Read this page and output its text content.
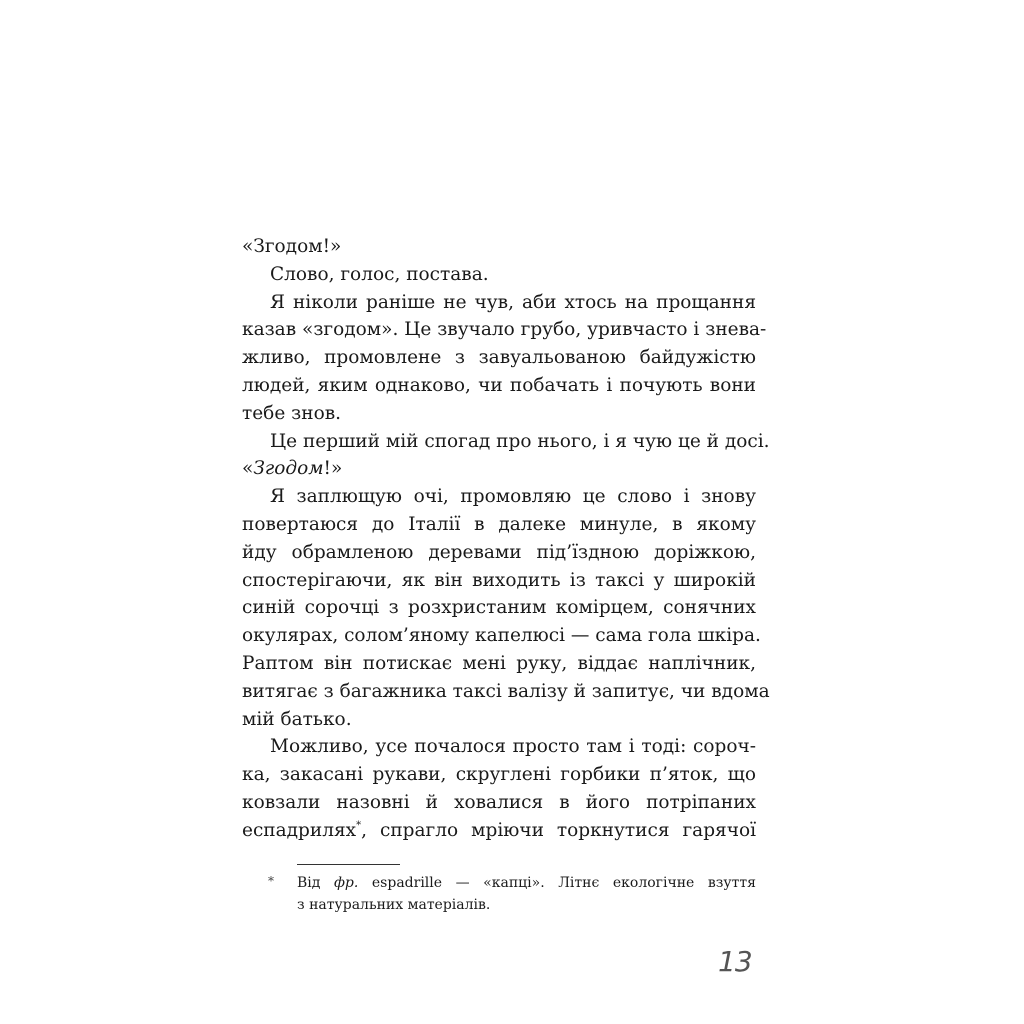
«Згодом!»
Слово, голос, постава.
Я ніколи раніше не чув, аби хтось на прощання
казав «згодом». Це звучало грубо, уривчасто і знева-
жливо, промовлене з завуальованою байдужістю
людей, яким однаково, чи побачать і почують вони
тебе знов.
Це перший мій спогад про нього, і я чую це й досі.
«Згодом!»
Я заплющую очі, промовляю це слово і знову
повертаюся до Італії в далеке минуле, в якому
йду обрамленою деревами під’їздною доріжкою,
спостерігаючи, як він виходить із таксі у широкій
синій сорочці з розхристаним комірцем, сонячних
окулярах, солом’яному капелюсі — сама гола шкіра.
Раптом він потискає мені руку, віддає наплічник,
витягає з багажника таксі валізу й запитує, чи вдома
мій батько.
Можливо, усе почалося просто там і тоді: сороч-
ка, закасані рукави, скруглені горбики п’яток, що
ковзали назовні й ховалися в його потріпаних
еспадрилях*, спрагло мріючи торкнутися гарячої
* Від фр. espadrille — «капці». Літнє екологічне взуття
з натуральних матеріалів.
13
